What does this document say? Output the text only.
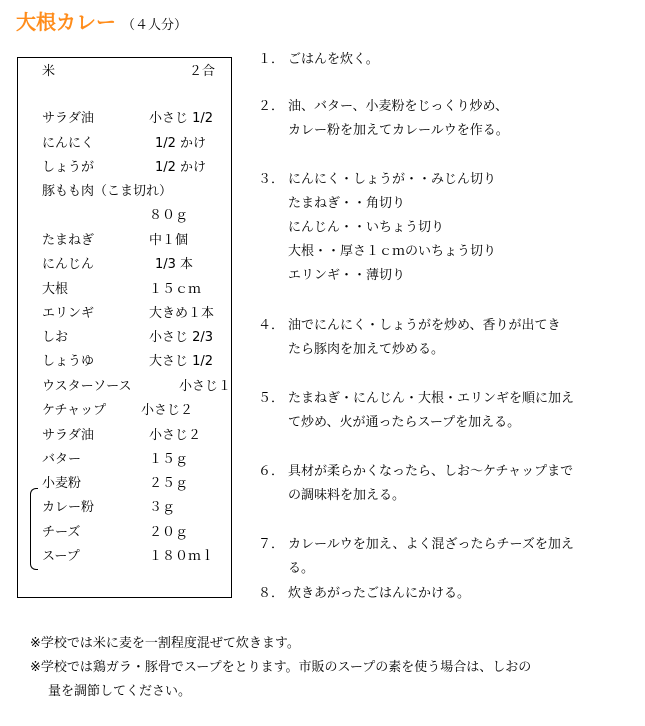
大根カレー （４人分）
米	２合
サラダ油	小さじ 1/2
にんにく	1/2 かけ
しょうが	1/2 かけ
豚もも肉（こま切れ）
８０ｇ
たまねぎ	中１個
にんじん	1/3 本
大根	１５ｃｍ
エリンギ	大きめ１本
しお	小さじ 2/3
しょうゆ	大さじ 1/2
ウスターソース	小さじ１
ケチャップ	小さじ２
サラダ油	小さじ２
バター	１５ｇ
小麦粉	２５ｇ
カレー粉	３ｇ
チーズ	２０ｇ
スープ	１８０ｍｌ
１． ごはんを炊く。
２． 油、バター、小麦粉をじっくり炒め、
カレー粉を加えてカレールウを作る。
３． にんにく・しょうが・・みじん切り
たまねぎ・・角切り
にんじん・・いちょう切り
大根・・厚さ１ｃｍのいちょう切り
エリンギ・・薄切り
４． 油でにんにく・しょうがを炒め、香りが出てき
たら豚肉を加えて炒める。
５． たまねぎ・にんじん・大根・エリンギを順に加え
て炒め、火が通ったらスープを加える。
６． 具材が柔らかくなったら、しお～ケチャップまで
の調味料を加える。
７． カレールウを加え、よく混ざったらチーズを加え
る。
８． 炊きあがったごはんにかける。
※学校では米に麦を一割程度混ぜて炊きます。
※学校では鶏ガラ・豚骨でスープをとります。市販のスープの素を使う場合は、しおの
量を調節してください。
